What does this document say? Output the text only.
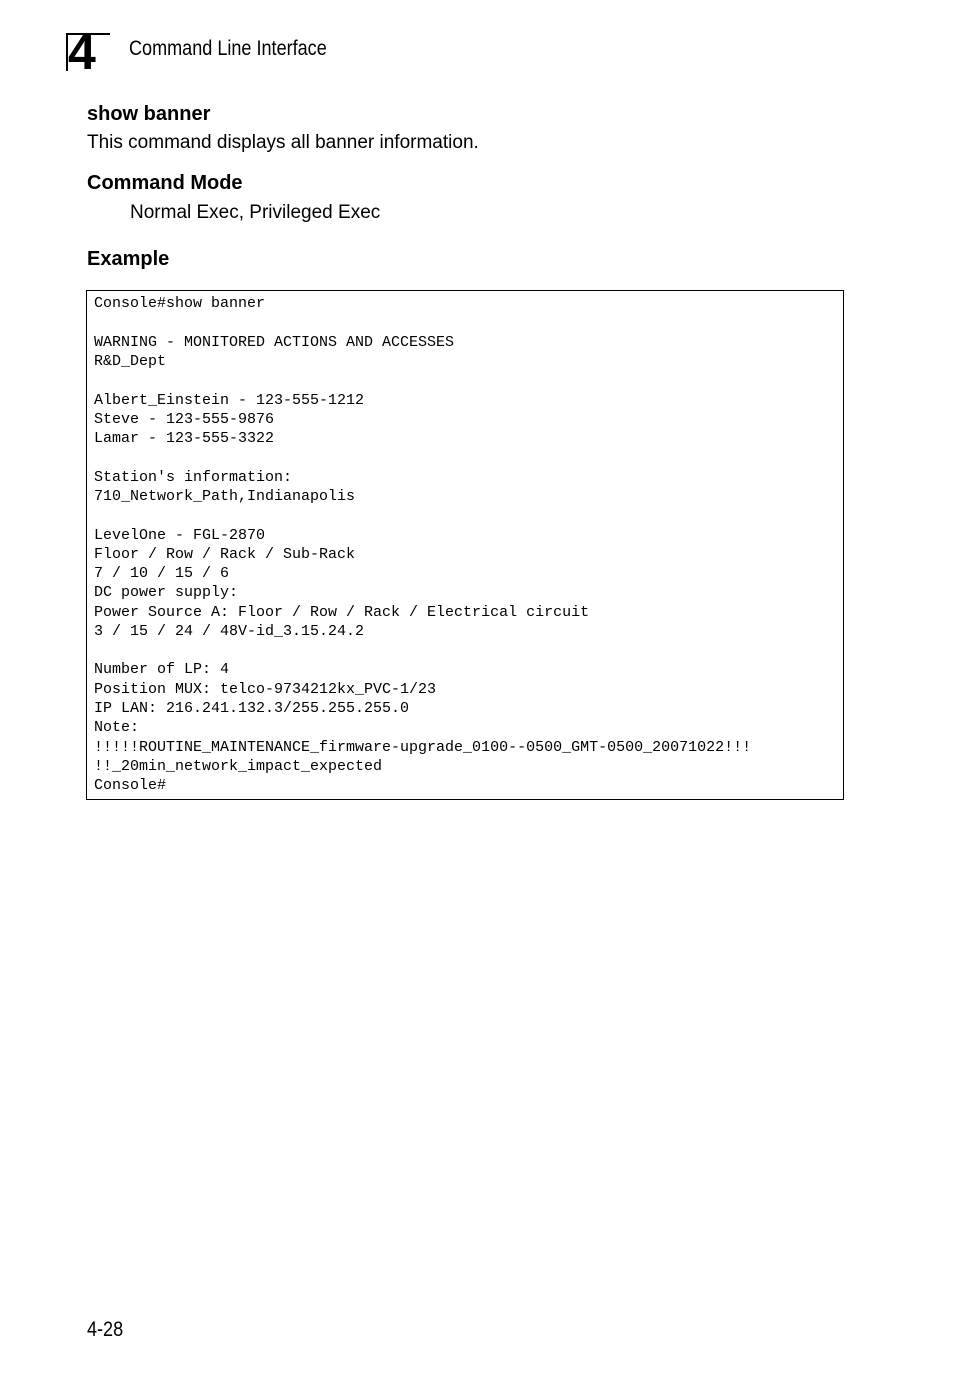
4 Command Line Interface
show banner
This command displays all banner information.
Command Mode
Normal Exec, Privileged Exec
Example
Console#show banner
WARNING - MONITORED ACTIONS AND ACCESSES
R&D_Dept
Albert_Einstein - 123-555-1212
Steve - 123-555-9876
Lamar - 123-555-3322
Station's information:
710_Network_Path,Indianapolis
LevelOne - FGL-2870
Floor / Row / Rack / Sub-Rack
7 / 10 / 15 / 6
DC power supply:
Power Source A: Floor / Row / Rack / Electrical circuit
3 / 15 / 24 / 48V-id_3.15.24.2
Number of LP: 4
Position MUX: telco-9734212kx_PVC-1/23
IP LAN: 216.241.132.3/255.255.255.0
Note:
!!!!!ROUTINE_MAINTENANCE_firmware-upgrade_0100--0500_GMT-0500_20071022!!!
!!_20min_network_impact_expected
Console#
4-28
